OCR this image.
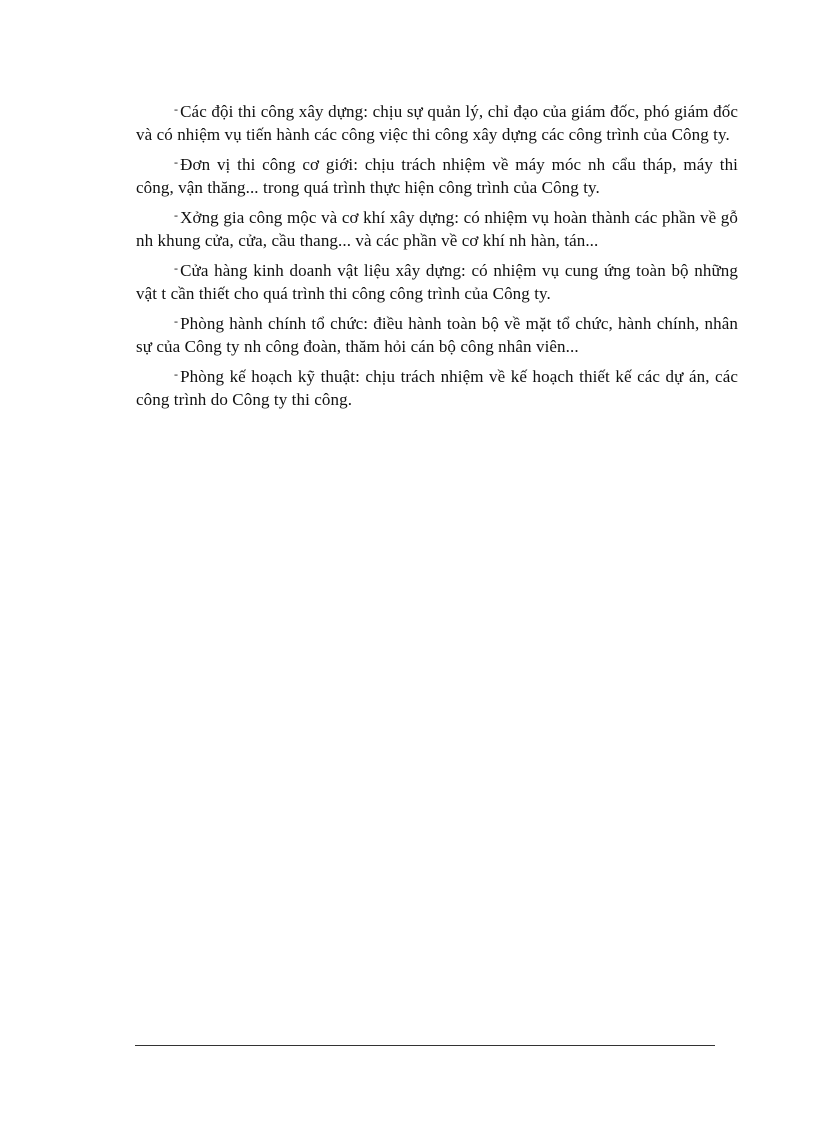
- Các đội thi công xây dựng: chịu sự quản lý, chỉ đạo của giám đốc, phó giám đốc và có nhiệm vụ tiến hành các công việc thi công xây dựng các công trình của Công ty.

- Đơn vị thi công cơ giới: chịu trách nhiệm về máy móc nh cẩu tháp, máy thi công, vận thăng... trong quá trình thực hiện công trình của Công ty.

- Xởng gia công mộc và cơ khí xây dựng: có nhiệm vụ hoàn thành các phần về gỗ nh khung cửa, cửa, cầu thang... và các phần về cơ khí nh hàn, tán...

- Cửa hàng kinh doanh vật liệu xây dựng: có nhiệm vụ cung ứng toàn bộ những vật t cần thiết cho quá trình thi công công trình của Công ty.

- Phòng hành chính tổ chức: điều hành toàn bộ về mặt tổ chức, hành chính, nhân sự của Công ty nh công đoàn, thăm hỏi cán bộ công nhân viên...

- Phòng kế hoạch kỹ thuật: chịu trách nhiệm về kế hoạch thiết kế các dự án, các công trình do Công ty thi công.
